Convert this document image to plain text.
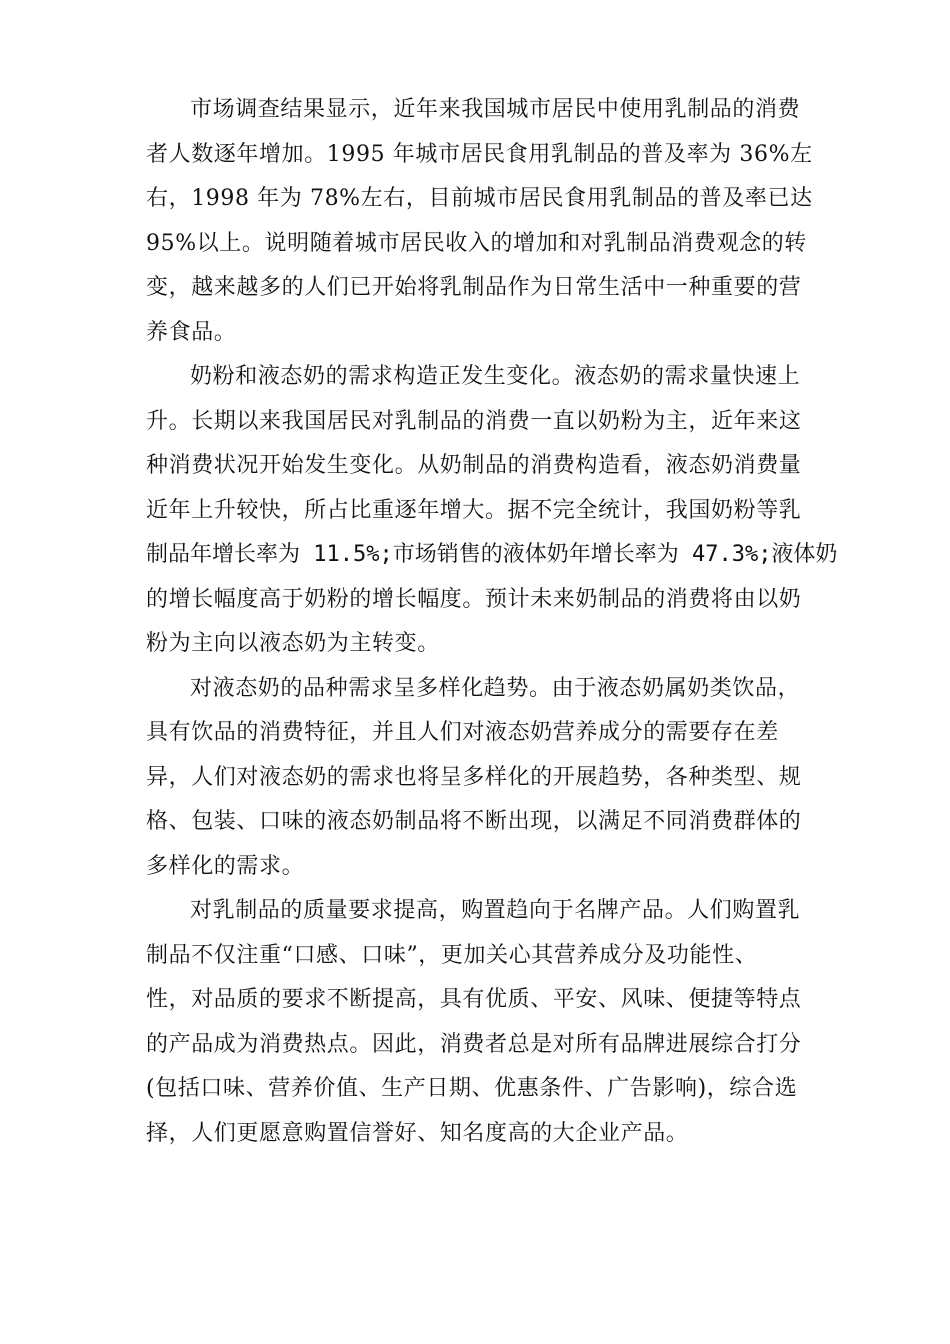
市场调查结果显示，近年来我国城市居民中使用乳制品的消费
者人数逐年增加。1995 年城市居民食用乳制品的普及率为 36%左
右，1998 年为 78%左右，目前城市居民食用乳制品的普及率已达
95%以上。说明随着城市居民收入的增加和对乳制品消费观念的转
变，越来越多的人们已开始将乳制品作为日常生活中一种重要的营
养食品。
奶粉和液态奶的需求构造正发生变化。液态奶的需求量快速上
升。长期以来我国居民对乳制品的消费一直以奶粉为主，近年来这
种消费状况开始发生变化。从奶制品的消费构造看，液态奶消费量
近年上升较快，所占比重逐年增大。据不完全统计，我国奶粉等乳
制品年增长率为 11.5%;市场销售的液体奶年增长率为 47.3%;液体奶
的增长幅度高于奶粉的增长幅度。预计未来奶制品的消费将由以奶
粉为主向以液态奶为主转变。
对液态奶的品种需求呈多样化趋势。由于液态奶属奶类饮品，
具有饮品的消费特征，并且人们对液态奶营养成分的需要存在差
异，人们对液态奶的需求也将呈多样化的开展趋势，各种类型、规
格、包装、口味的液态奶制品将不断出现，以满足不同消费群体的
多样化的需求。
对乳制品的质量要求提高，购置趋向于名牌产品。人们购置乳
制品不仅注重“口感、口味”，更加关心其营养成分及功能性、
性，对品质的要求不断提高，具有优质、平安、风味、便捷等特点
的产品成为消费热点。因此，消费者总是对所有品牌进展综合打分
(包括口味、营养价值、生产日期、优惠条件、广告影响)，综合选
择，人们更愿意购置信誉好、知名度高的大企业产品。
